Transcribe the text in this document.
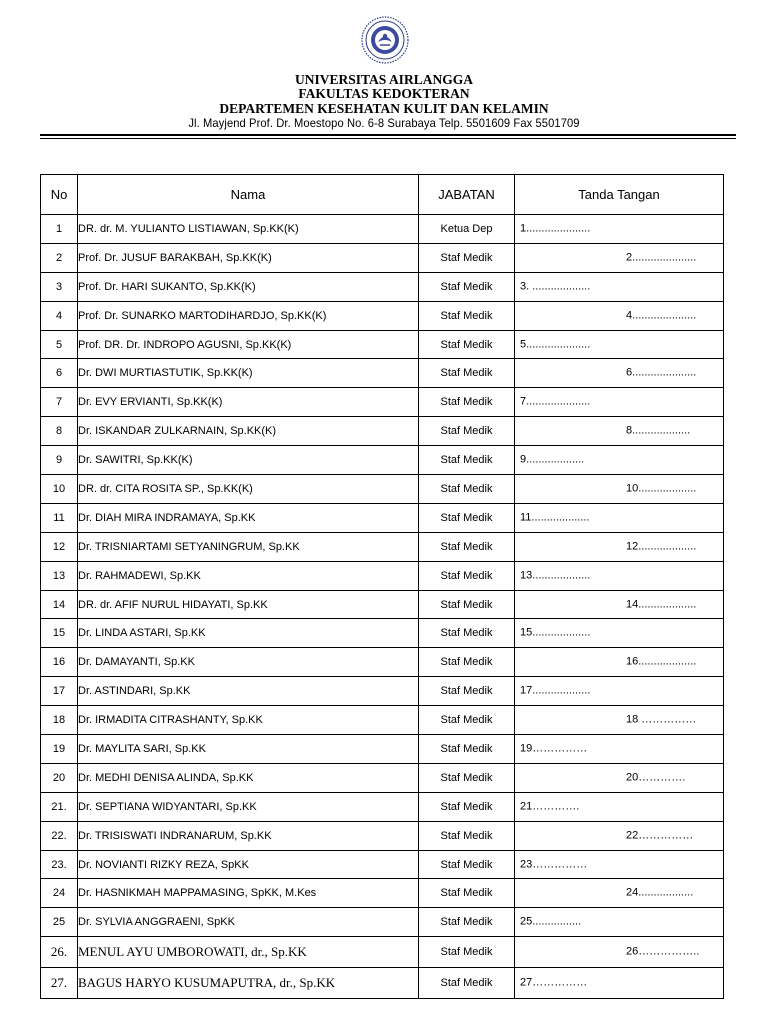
UNIVERSITAS AIRLANGGA
FAKULTAS KEDOKTERAN
DEPARTEMEN KESEHATAN KULIT DAN KELAMIN
Jl. Mayjend Prof. Dr. Moestopo No. 6-8 Surabaya Telp. 5501609 Fax 5501709
No	Nama	JABATAN	Tanda Tangan
1	DR. dr. M. YULIANTO LISTIAWAN, Sp.KK(K)	Ketua Dep	1.....................

2	Prof. Dr. JUSUF BARAKBAH, Sp.KK(K)	Staf Medik	2.....................

3	Prof. Dr. HARI SUKANTO, Sp.KK(K)	Staf Medik	3. ...................

4	Prof. Dr. SUNARKO MARTODIHARDJO, Sp.KK(K)	Staf Medik	4.....................

5	Prof. DR. Dr. INDROPO AGUSNI, Sp.KK(K)	Staf Medik	5.....................

6	Dr. DWI MURTIASTUTIK, Sp.KK(K)	Staf Medik	6.....................

7	Dr. EVY ERVIANTI, Sp.KK(K)	Staf Medik	7.....................

8	Dr. ISKANDAR ZULKARNAIN, Sp.KK(K)	Staf Medik	8...................

9	Dr. SAWITRI, Sp.KK(K)	Staf Medik	9...................

10	DR. dr. CITA ROSITA SP., Sp.KK(K)	Staf Medik	10...................

11	Dr. DIAH MIRA INDRAMAYA, Sp.KK	Staf Medik	11...................

12	Dr. TRISNIARTAMI SETYANINGRUM, Sp.KK	Staf Medik	12...................

13	Dr. RAHMADEWI, Sp.KK	Staf Medik	13...................

14	DR. dr. AFIF NURUL HIDAYATI, Sp.KK	Staf Medik	14...................

15	Dr. LINDA ASTARI, Sp.KK	Staf Medik	15...................

16	Dr. DAMAYANTI, Sp.KK	Staf Medik	16...................

17	Dr. ASTINDARI, Sp.KK	Staf Medik	17...................

18	Dr. IRMADITA CITRASHANTY, Sp.KK	Staf Medik	18 ……………

19	Dr. MAYLITA SARI, Sp.KK	Staf Medik	19……………

20	Dr. MEDHI DENISA ALINDA, Sp.KK	Staf Medik	20………….

21.	Dr. SEPTIANA WIDYANTARI, Sp.KK	Staf Medik	21………….

22.	Dr. TRISISWATI INDRANARUM, Sp.KK	Staf Medik	22……………

23.	Dr. NOVIANTI RIZKY REZA, SpKK	Staf Medik	23……………

24	Dr. HASNIKMAH MAPPAMASING, SpKK, M.Kes	Staf Medik	24..................

25	Dr. SYLVIA ANGGRAENI, SpKK	Staf Medik	25................

26.	MENUL AYU UMBOROWATI, dr., Sp.KK	Staf Medik	26……………..

27.	BAGUS HARYO KUSUMAPUTRA, dr., Sp.KK	Staf Medik	27……………
